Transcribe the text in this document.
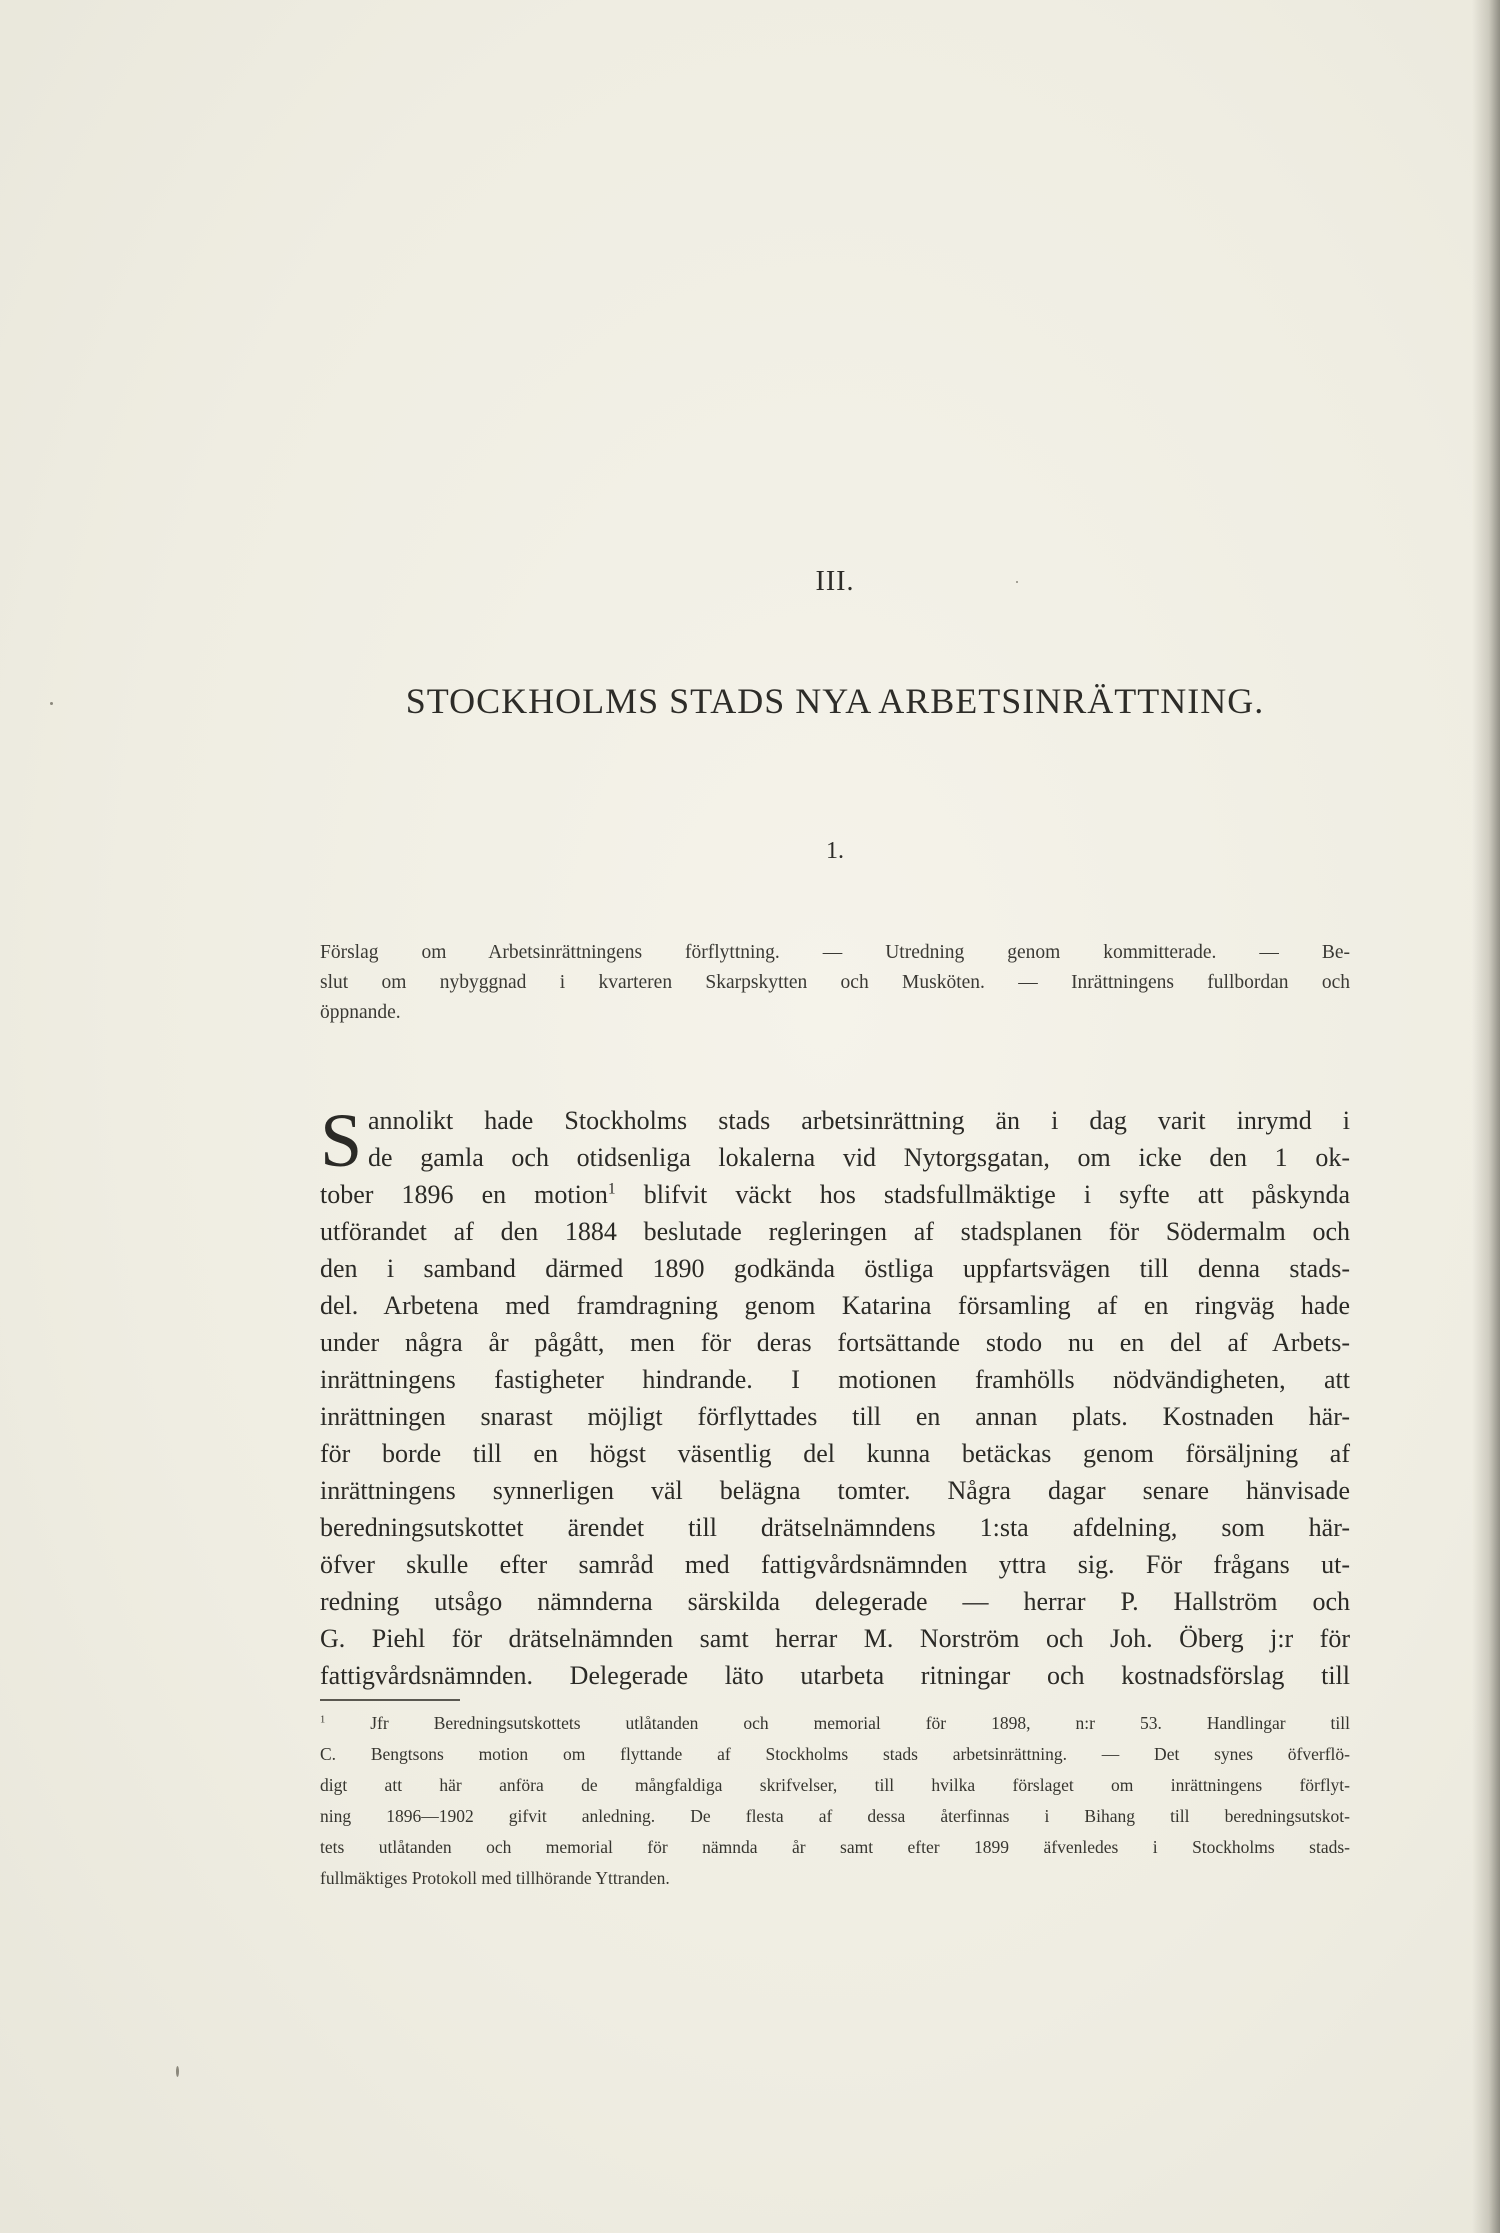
III.
STOCKHOLMS STADS NYA ARBETSINRÄTTNING.
1.
Förslag om Arbetsinrättningens förflyttning. — Utredning genom kommitterade. — Be-
slut om nybyggnad i kvarteren Skarpskytten och Musköten. — Inrättningens fullbordan och
öppnande.
S annolikt hade Stockholms stads arbetsinrättning än i dag varit inrymd i
de gamla och otidsenliga lokalerna vid Nytorgsgatan, om icke den 1 ok-
tober 1896 en motion$^1$ blifvit väckt hos stadsfullmäktige i syfte att påskynda
utförandet af den 1884 beslutade regleringen af stadsplanen för Södermalm och
den i samband därmed 1890 godkända östliga uppfartsvägen till denna stads-
del. Arbetena med framdragning genom Katarina församling af en ringväg hade
under några år pågått, men för deras fortsättande stodo nu en del af Arbets-
inrättningens fastigheter hindrande. I motionen framhölls nödvändigheten, att
inrättningen snarast möjligt förflyttades till en annan plats. Kostnaden här-
för borde till en högst väsentlig del kunna betäckas genom försäljning af
inrättningens synnerligen väl belägna tomter. Några dagar senare hänvisade
beredningsutskottet ärendet till drätselnämndens 1:sta afdelning, som här-
öfver skulle efter samråd med fattigvårdsnämnden yttra sig. För frågans ut-
redning utsågo nämnderna särskilda delegerade — herrar P. Hallström och
G. Piehl för drätselnämnden samt herrar M. Norström och Joh. Öberg j:r för
fattigvårdsnämnden. Delegerade läto utarbeta ritningar och kostnadsförslag till
$^1$ Jfr Beredningsutskottets utlåtanden och memorial för 1898, n:r 53. Handlingar till
C. Bengtsons motion om flyttande af Stockholms stads arbetsinrättning. — Det synes öfverflö-
digt att här anföra de mångfaldiga skrifvelser, till hvilka förslaget om inrättningens förflyt-
ning 1896—1902 gifvit anledning. De flesta af dessa återfinnas i Bihang till beredningsutskot-
tets utlåtanden och memorial för nämnda år samt efter 1899 äfvenledes i Stockholms stads-
fullmäktiges Protokoll med tillhörande Yttranden.
